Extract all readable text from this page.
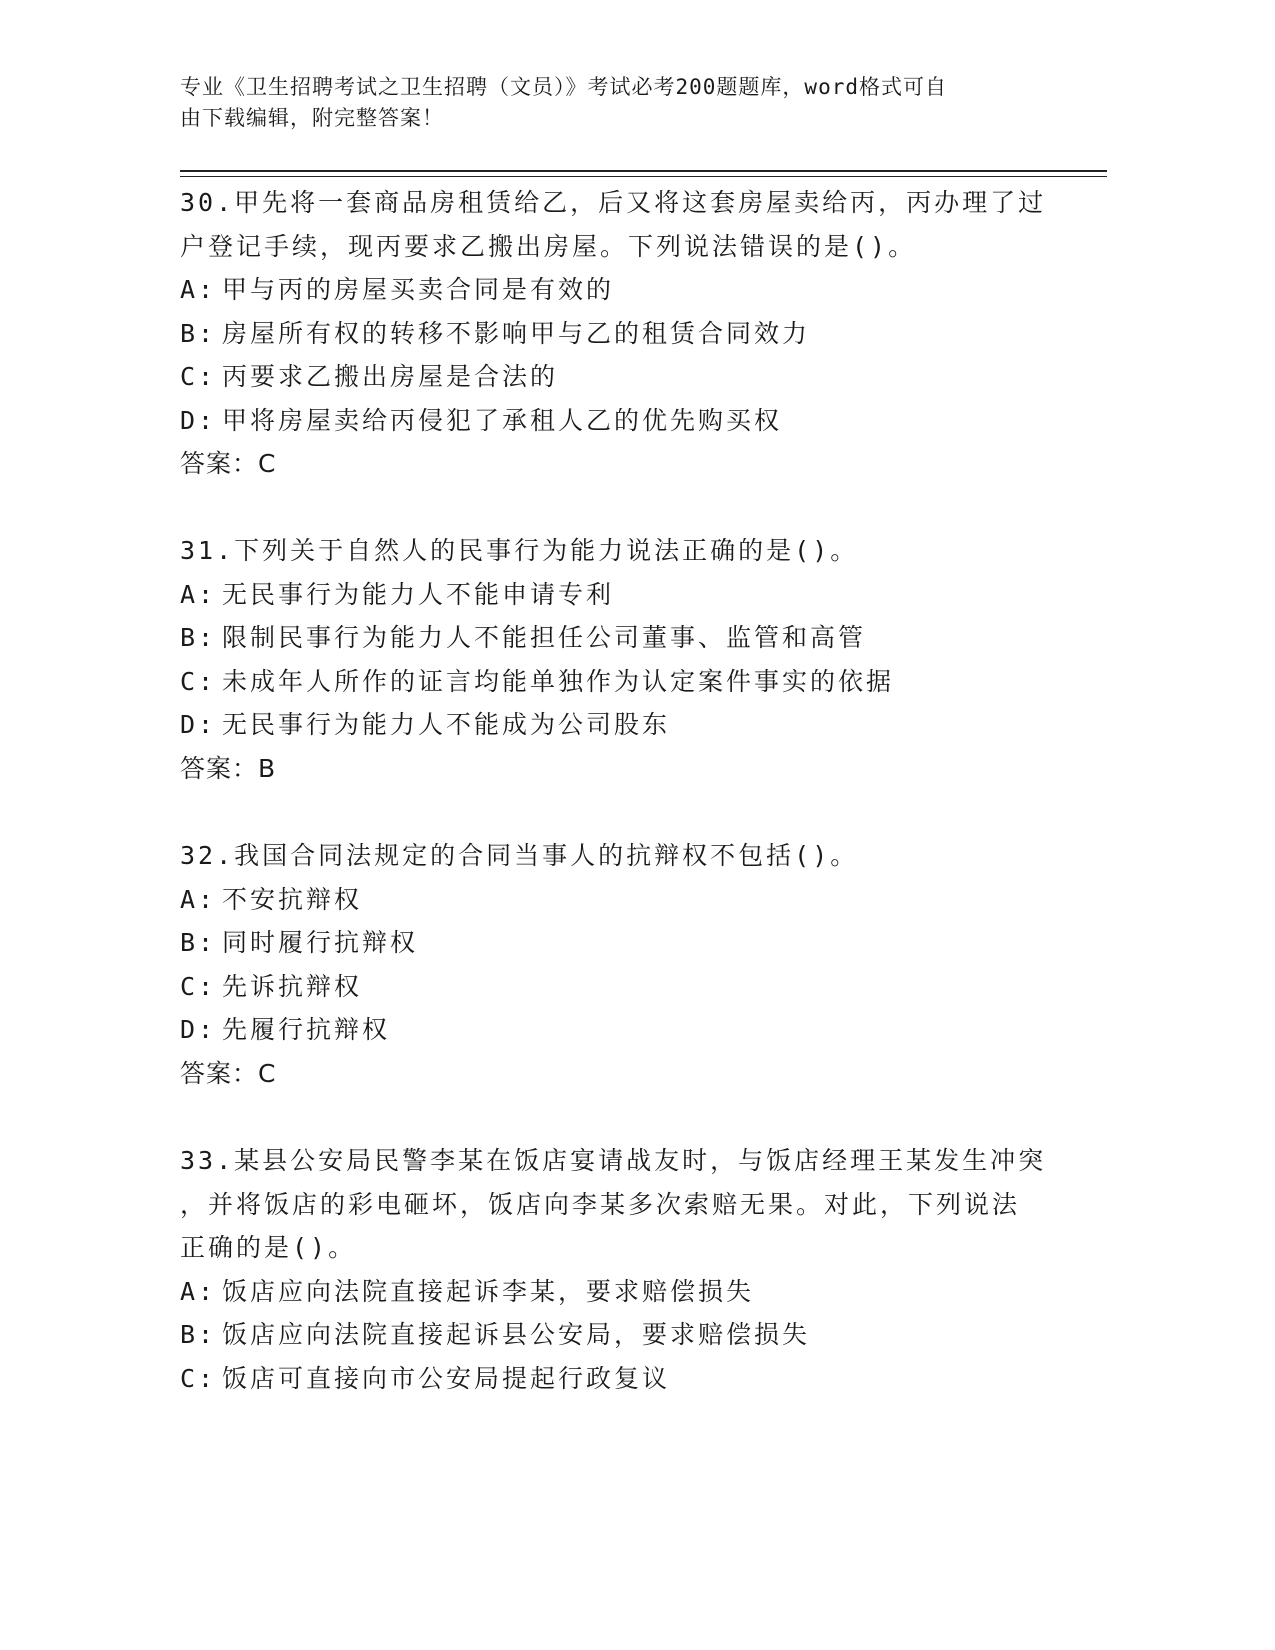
专业《卫生招聘考试之卫生招聘（文员）》考试必考200题题库，word格式可自
由下载编辑，附完整答案！
30.甲先将一套商品房租赁给乙，后又将这套房屋卖给丙，丙办理了过
户登记手续，现丙要求乙搬出房屋。下列说法错误的是()。
A: 甲与丙的房屋买卖合同是有效的
B: 房屋所有权的转移不影响甲与乙的租赁合同效力
C: 丙要求乙搬出房屋是合法的
D: 甲将房屋卖给丙侵犯了承租人乙的优先购买权
答案：C
31.下列关于自然人的民事行为能力说法正确的是()。
A: 无民事行为能力人不能申请专利
B: 限制民事行为能力人不能担任公司董事、监管和高管
C: 未成年人所作的证言均能单独作为认定案件事实的依据
D: 无民事行为能力人不能成为公司股东
答案：B
32.我国合同法规定的合同当事人的抗辩权不包括()。
A: 不安抗辩权
B: 同时履行抗辩权
C: 先诉抗辩权
D: 先履行抗辩权
答案：C
33.某县公安局民警李某在饭店宴请战友时，与饭店经理王某发生冲突
，并将饭店的彩电砸坏，饭店向李某多次索赔无果。对此，下列说法
正确的是()。
A: 饭店应向法院直接起诉李某，要求赔偿损失
B: 饭店应向法院直接起诉县公安局，要求赔偿损失
C: 饭店可直接向市公安局提起行政复议
